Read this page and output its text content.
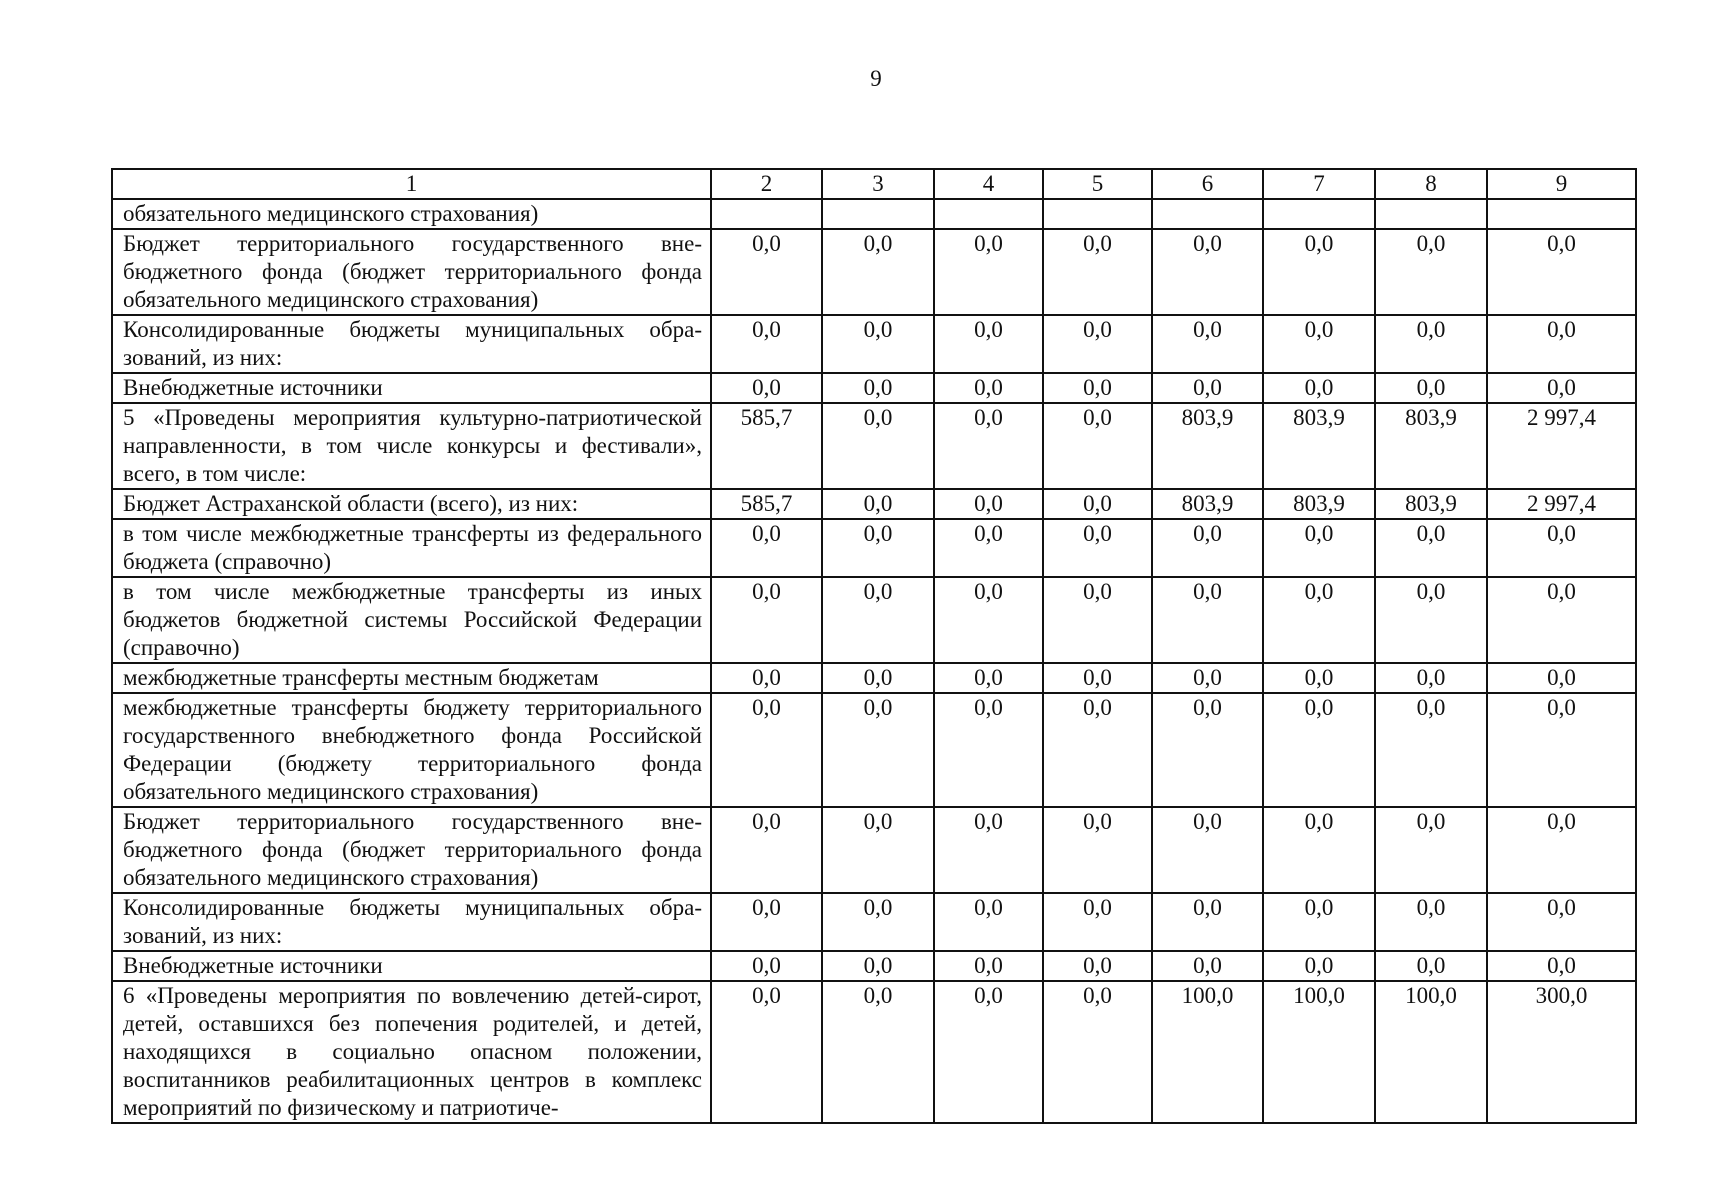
9
1	2	3	4	5	6	7	8	9
обязательного медицинского страхования)								
Бюджет территориального государственного внебюджетного фонда (бюджет территориального фонда обязательного медицинского страхования)	0,0	0,0	0,0	0,0	0,0	0,0	0,0	0,0
Консолидированные бюджеты муниципальных образований, из них:	0,0	0,0	0,0	0,0	0,0	0,0	0,0	0,0
Внебюджетные источники	0,0	0,0	0,0	0,0	0,0	0,0	0,0	0,0
5 «Проведены мероприятия культурно-патриотической направленности, в том числе конкурсы и фестивали», всего, в том числе:	585,7	0,0	0,0	0,0	803,9	803,9	803,9	2 997,4
Бюджет Астраханской области (всего), из них:	585,7	0,0	0,0	0,0	803,9	803,9	803,9	2 997,4
в том числе межбюджетные трансферты из федерального бюджета (справочно)	0,0	0,0	0,0	0,0	0,0	0,0	0,0	0,0
в том числе межбюджетные трансферты из иных бюджетов бюджетной системы Российской Федерации (справочно)	0,0	0,0	0,0	0,0	0,0	0,0	0,0	0,0
межбюджетные трансферты местным бюджетам	0,0	0,0	0,0	0,0	0,0	0,0	0,0	0,0
межбюджетные трансферты бюджету территориального государственного внебюджетного фонда Российской Федерации (бюджету территориального фонда обязательного медицинского страхования)	0,0	0,0	0,0	0,0	0,0	0,0	0,0	0,0
Бюджет территориального государственного внебюджетного фонда (бюджет территориального фонда обязательного медицинского страхования)	0,0	0,0	0,0	0,0	0,0	0,0	0,0	0,0
Консолидированные бюджеты муниципальных образований, из них:	0,0	0,0	0,0	0,0	0,0	0,0	0,0	0,0
Внебюджетные источники	0,0	0,0	0,0	0,0	0,0	0,0	0,0	0,0
6 «Проведены мероприятия по вовлечению детей-сирот, детей, оставшихся без попечения родителей, и детей, находящихся в социально опасном положении, воспитанников реабилитационных центров в комплекс мероприятий по физическому и патриотиче-	0,0	0,0	0,0	0,0	100,0	100,0	100,0	300,0
